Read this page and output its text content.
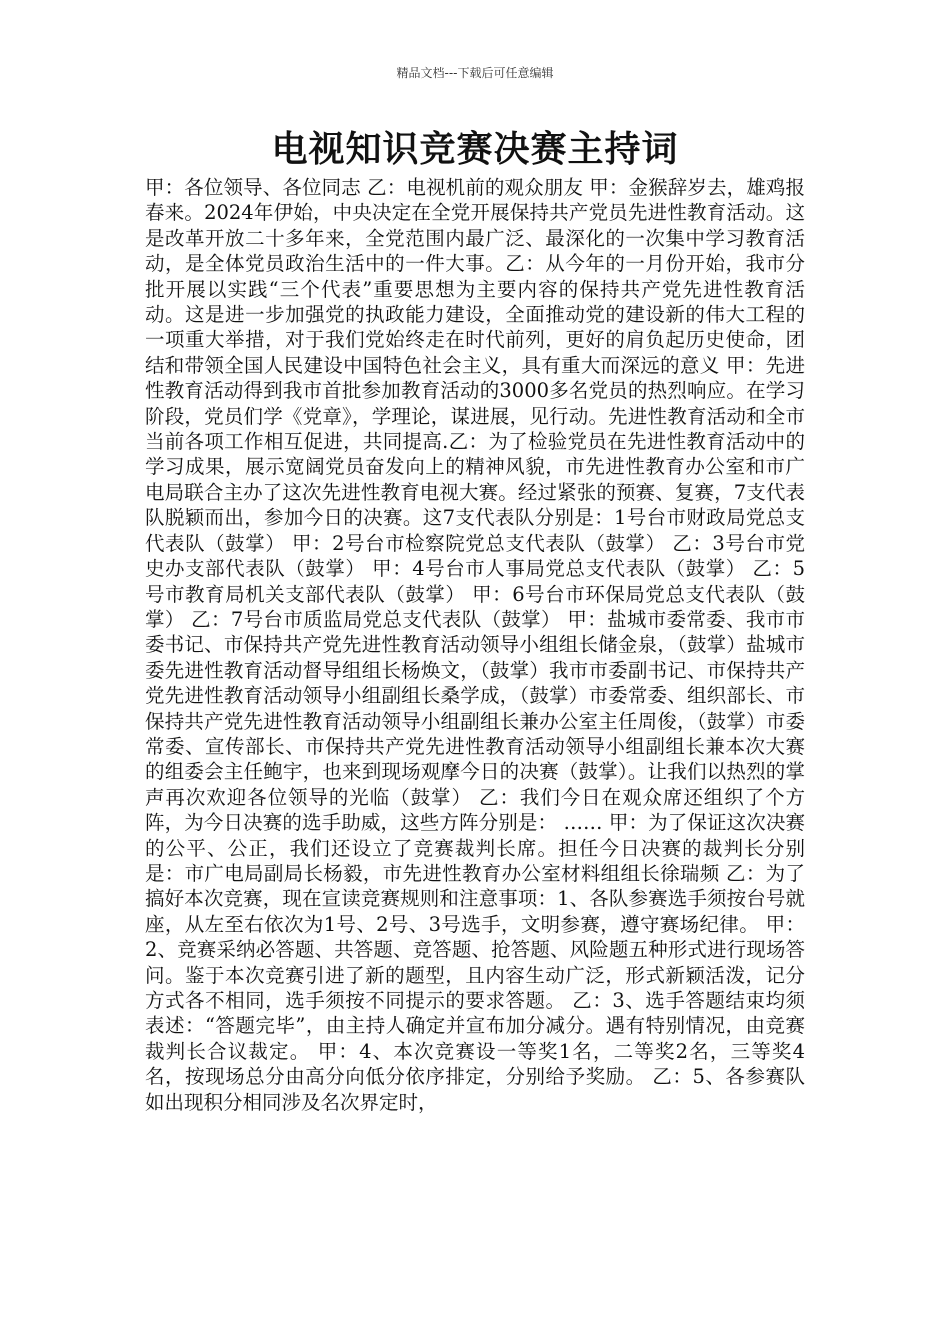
精品文档---下载后可任意编辑
电视知识竞赛决赛主持词

甲：各位领导、各位同志 乙：电视机前的观众朋友 甲：金猴辞岁去，雄鸡报春来。2024年伊始，中央决定在全党开展保持共产党员先进性教育活动。这是改革开放二十多年来，全党范围内最广泛、最深化的一次集中学习教育活动，是全体党员政治生活中的一件大事。乙：从今年的一月份开始，我市分批开展以实践“三个代表”重要思想为主要内容的保持共产党先进性教育活动。这是进一步加强党的执政能力建设，全面推动党的建设新的伟大工程的一项重大举措，对于我们党始终走在时代前列，更好的肩负起历史使命，团结和带领全国人民建设中国特色社会主义，具有重大而深远的意义 甲：先进性教育活动得到我市首批参加教育活动的3000多名党员的热烈响应。在学习阶段，党员们学《党章》，学理论，谋进展，见行动。先进性教育活动和全市当前各项工作相互促进，共同提高.乙：为了检验党员在先进性教育活动中的学习成果，展示宽阔党员奋发向上的精神风貌，市先进性教育办公室和市广电局联合主办了这次先进性教育电视大赛。经过紧张的预赛、复赛，7支代表队脱颖而出，参加今日的决赛。这7支代表队分别是：1号台市财政局党总支代表队（鼓掌） 甲：2号台市检察院党总支代表队（鼓掌） 乙：3号台市党史办支部代表队（鼓掌） 甲：4号台市人事局党总支代表队（鼓掌） 乙：5号市教育局机关支部代表队（鼓掌） 甲：6号台市环保局党总支代表队（鼓掌） 乙：7号台市质监局党总支代表队（鼓掌） 甲：盐城市委常委、我市市委书记、市保持共产党先进性教育活动领导小组组长储金泉，（鼓掌）盐城市委先进性教育活动督导组组长杨焕文，（鼓掌）我市市委副书记、市保持共产党先进性教育活动领导小组副组长桑学成，（鼓掌）市委常委、组织部长、市保持共产党先进性教育活动领导小组副组长兼办公室主任周俊，（鼓掌）市委常委、宣传部长、市保持共产党先进性教育活动领导小组副组长兼本次大赛的组委会主任鲍宇，也来到现场观摩今日的决赛（鼓掌）。让我们以热烈的掌声再次欢迎各位领导的光临（鼓掌） 乙：我们今日在观众席还组织了个方阵，为今日决赛的选手助威，这些方阵分别是： …… 甲：为了保证这次决赛的公平、公正，我们还设立了竞赛裁判长席。担任今日决赛的裁判长分别是：市广电局副局长杨毅，市先进性教育办公室材料组组长徐瑞频 乙：为了搞好本次竞赛，现在宣读竞赛规则和注意事项：1、各队参赛选手须按台号就座，从左至右依次为1号、2号、3号选手，文明参赛，遵守赛场纪律。 甲：2、竞赛采纳必答题、共答题、竞答题、抢答题、风险题五种形式进行现场答问。鉴于本次竞赛引进了新的题型，且内容生动广泛，形式新颖活泼，记分方式各不相同，选手须按不同提示的要求答题。 乙：3、选手答题结束均须表述：“答题完毕”，由主持人确定并宣布加分减分。遇有特别情况，由竞赛裁判长合议裁定。 甲：4、本次竞赛设一等奖1名，二等奖2名，三等奖4名，按现场总分由高分向低分依序排定，分别给予奖励。 乙：5、各参赛队如出现积分相同涉及名次界定时，
